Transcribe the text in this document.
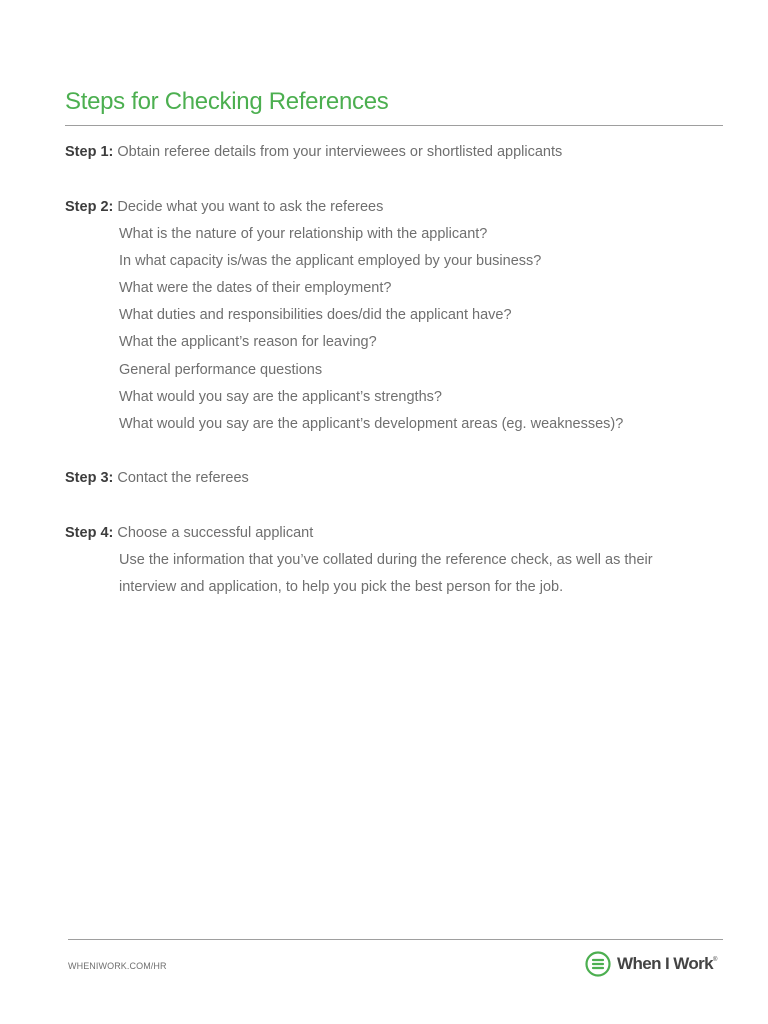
Steps for Checking References
Step 1: Obtain referee details from your interviewees or shortlisted applicants
Step 2: Decide what you want to ask the referees
What is the nature of your relationship with the applicant?
In what capacity is/was the applicant employed by your business?
What were the dates of their employment?
What duties and responsibilities does/did the applicant have?
What the applicant’s reason for leaving?
General performance questions
What would you say are the applicant’s strengths?
What would you say are the applicant’s development areas (eg. weaknesses)?
Step 3: Contact the referees
Step 4: Choose a successful applicant
Use the information that you’ve collated during the reference check, as well as their interview and application, to help you pick the best person for the job.
WHENIWORK.COM/HR	When I Work ®
